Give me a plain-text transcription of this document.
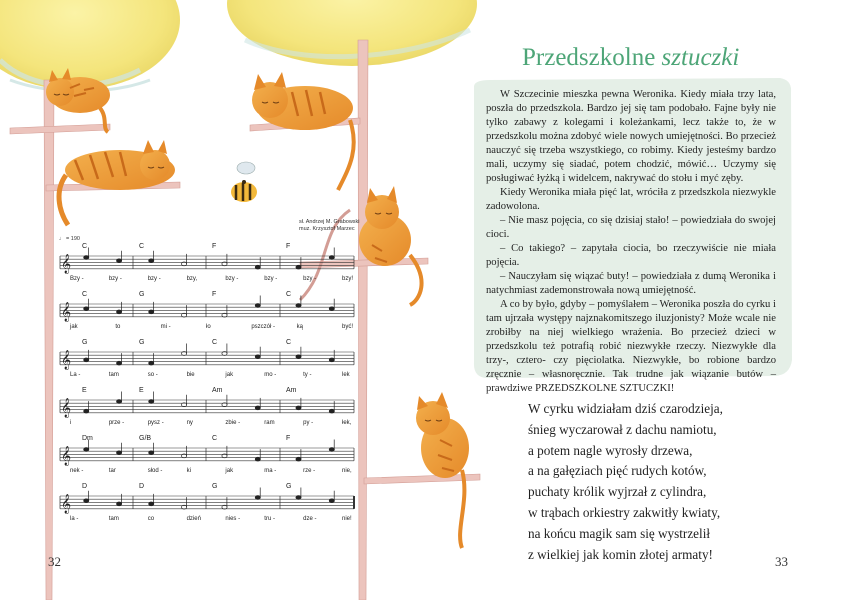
𝄞
𝄞
𝄞
𝄞
𝄞
𝄞
Przedszkolne sztuczki

W Szczecinie mieszka pewna Weronika. Kiedy miała trzy lata, poszła do przedszkola. Bardzo jej się tam podobało. Fajne były nie tylko zabawy z kolegami i koleżankami, lecz także to, że w przedszkolu można zdobyć wiele nowych umiejętności. Bo przecież nauczyć się trzeba wszystkiego, co robimy. Kiedy jesteśmy bardzo mali, uczymy się siadać, potem chodzić, mówić… Uczymy się posługiwać łyżką i widelcem, nakrywać do stołu i myć zęby.

Kiedy Weronika miała pięć lat, wróciła z przedszkola niezwykle zadowolona.

– Nie masz pojęcia, co się dzisiaj stało! – powiedziała do swojej cioci.

– Co takiego? – zapytała ciocia, bo rzeczywiście nie miała pojęcia.

– Nauczyłam się wiązać buty! – powiedziała z dumą Weronika i natychmiast zademonstrowała nową umiejętność.

A co by było, gdyby – pomyślałem – Weronika poszła do cyrku i tam ujrzała występy najznakomitszego iluzjonisty? Może wcale nie zrobiłby na niej wielkiego wrażenia. Bo przecież dzieci w przedszkolu też potrafią robić niezwykłe rzeczy. Niezwykłe dla trzy-, cztero- czy pięciolatka. Niezwykłe, bo robione bardzo zręcznie – własnoręcznie. Tak trudne jak wiązanie butów – prawdziwe PRZEDSZKOLNE SZTUCZKI!

W cyrku widziałam dziś czarodzieja,
śnieg wyczarował z dachu namiotu,
a potem nagle wyrosły drzewa,
a na gałęziach pięć rudych kotów,
puchaty królik wyjrzał z cylindra,
w trąbach orkiestry zakwitły kwiaty,
na końcu magik sam się wystrzelił
z wielkiej jak komin złotej armaty!
sł. Andrzej M. Grabowski
muz. Krzysztof Marzec
♩ = 190
C	C	F	F
Bzy -	bzy -	bzy -	bzy,	bzy -	bzy -	bzy -	bzy!
C	G	F	C
jak	to	mi -	ło	pszczół -	ką	być!
G	G	C	C
La -	tam	so -	bie	jak	mo -	ty -	lek
E	E	Am	Am
i	prze -	pysz -	ny	zbie -	ram	py -	łek,
Dm	G/B	C	F
nek -	tar	słod -	ki	jak	ma -	rze -	nie,
D	D	G	G
la -	tam	co	dzień	nies -	tru -	dze -	nie!
32	33
